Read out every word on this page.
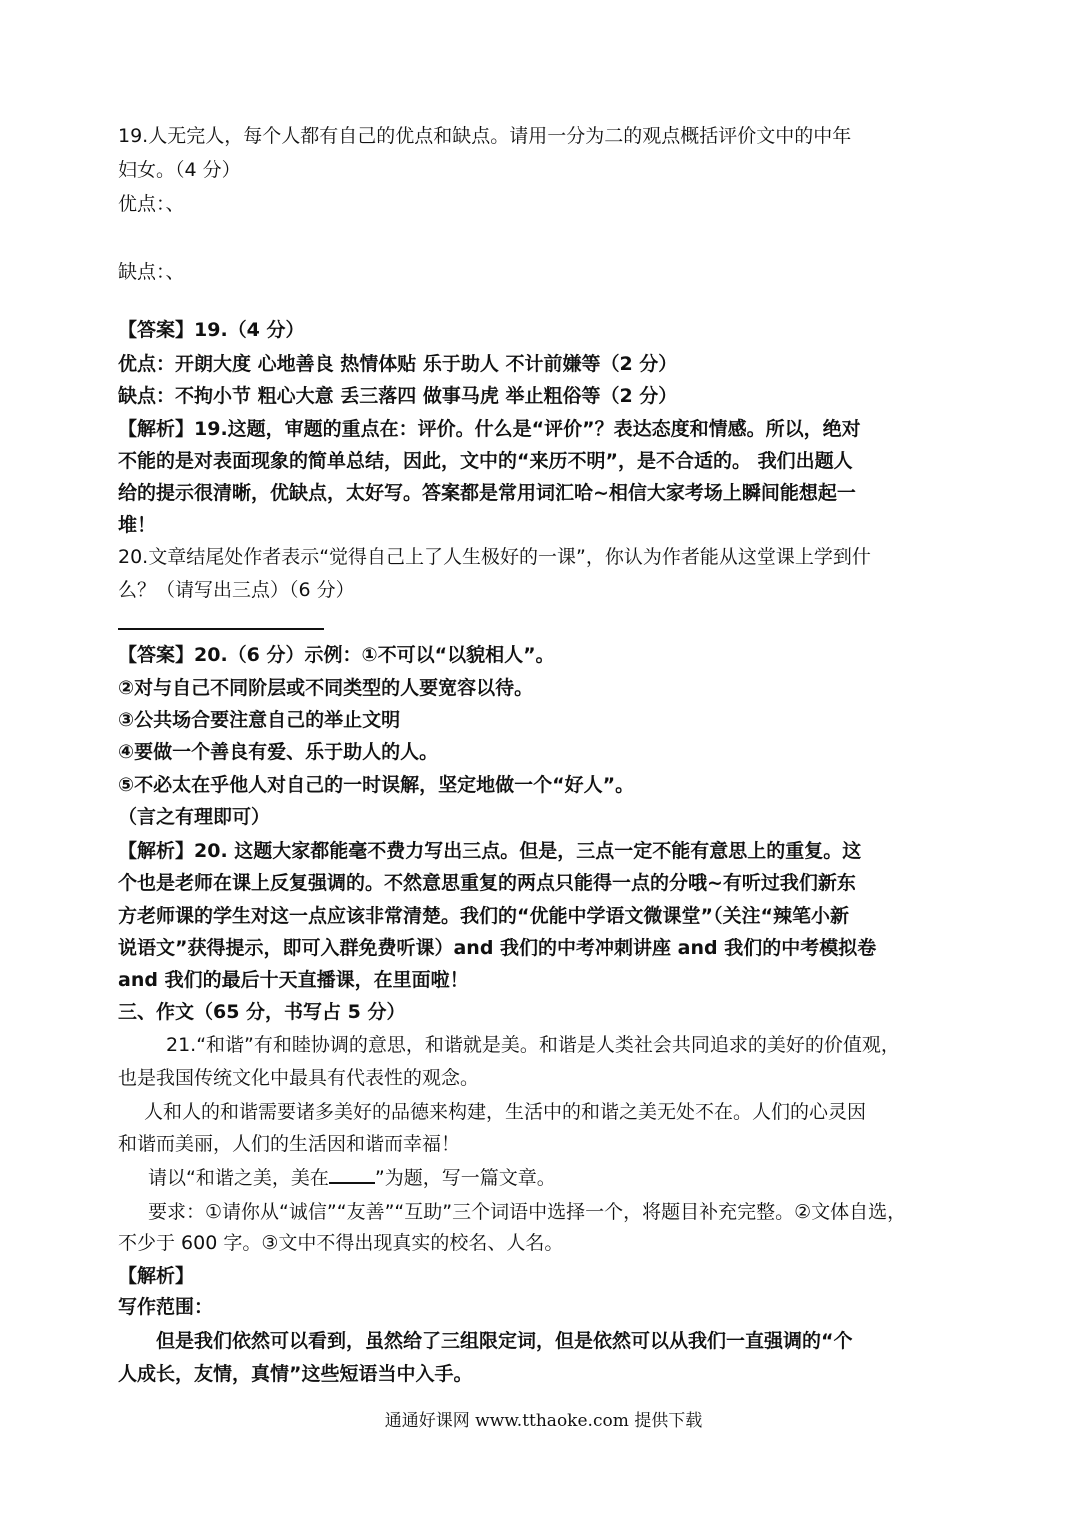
19.人无完人，每个人都有自己的优点和缺点。请用一分为二的观点概括评价文中的中年
妇女。（4 分）
优点：、
缺点：、
【答案】19.（4 分）
优点：开朗大度 心地善良 热情体贴 乐于助人 不计前嫌等（2 分）
缺点：不拘小节 粗心大意 丢三落四 做事马虎 举止粗俗等（2 分）
【解析】19.这题，审题的重点在：评价。什么是“评价”？表达态度和情感。所以，绝对
不能的是对表面现象的简单总结，因此，文中的“来历不明”，是不合适的。 我们出题人
给的提示很清晰，优缺点，太好写。答案都是常用词汇哈~相信大家考场上瞬间能想起一
堆！
20.文章结尾处作者表示“觉得自己上了人生极好的一课”，你认为作者能从这堂课上学到什
么？（请写出三点）（6 分）
【答案】20.（6 分）示例：①不可以“以貌相人”。
②对与自己不同阶层或不同类型的人要宽容以待。
③公共场合要注意自己的举止文明
④要做一个善良有爱、乐于助人的人。
⑤不必太在乎他人对自己的一时误解，坚定地做一个“好人”。
（言之有理即可）
【解析】20. 这题大家都能毫不费力写出三点。但是，三点一定不能有意思上的重复。这
个也是老师在课上反复强调的。不然意思重复的两点只能得一点的分哦~有听过我们新东
方老师课的学生对这一点应该非常清楚。我们的“优能中学语文微课堂”（关注“辣笔小新
说语文”获得提示，即可入群免费听课）and 我们的中考冲刺讲座 and 我们的中考模拟卷
and 我们的最后十天直播课，在里面啦！
三、作文（65 分，书写占 5 分）
21.“和谐”有和睦协调的意思，和谐就是美。和谐是人类社会共同追求的美好的价值观，
也是我国传统文化中最具有代表性的观念。
人和人的和谐需要诸多美好的品德来构建，生活中的和谐之美无处不在。人们的心灵因
和谐而美丽，人们的生活因和谐而幸福！
请以“和谐之美，美在 ”为题，写一篇文章。
要求：①请你从“诚信”“友善”“互助”三个词语中选择一个，将题目补充完整。②文体自选，
不少于 600 字。③文中不得出现真实的校名、人名。
【解析】
写作范围：
但是我们依然可以看到，虽然给了三组限定词，但是依然可以从我们一直强调的“个
人成长，友情，真情”这些短语当中入手。
通通好课网 www.tthaoke.com 提供下载
